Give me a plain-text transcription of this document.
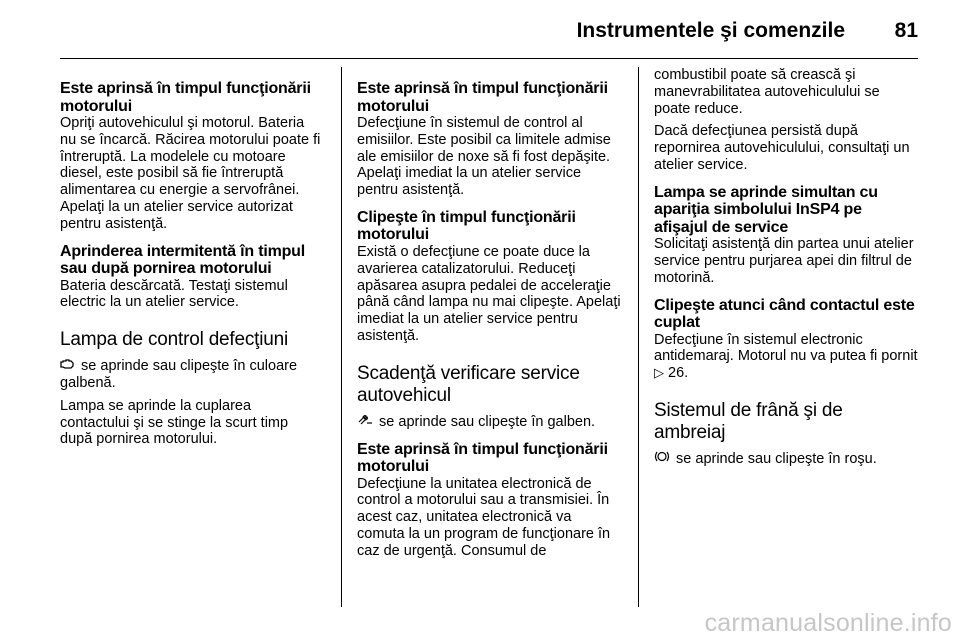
Instrumentele şi comenzile 81
Este aprinsă în timpul funcţionării motorului

Opriţi autovehiculul şi motorul. Bateria nu se încarcă. Răcirea motorului poate fi întreruptă. La modelele cu motoare diesel, este posibil să fie întreruptă alimentarea cu energie a servofrânei. Apelaţi la un atelier service autorizat pentru asistenţă.

Aprinderea intermitentă în timpul sau după pornirea motorului

Bateria descărcată. Testaţi sistemul electric la un atelier service.

Lampa de control defecţiuni

se aprinde sau clipeşte în culoare galbenă.

Lampa se aprinde la cuplarea contactului şi se stinge la scurt timp după pornirea motorului.

Este aprinsă în timpul funcţionării motorului

Defecţiune în sistemul de control al emisiilor. Este posibil ca limitele admise ale emisiilor de noxe să fi fost depăşite. Apelaţi imediat la un atelier service pentru asistenţă.

Clipeşte în timpul funcţionării motorului

Există o defecţiune ce poate duce la avarierea catalizatorului. Reduceţi apăsarea asupra pedalei de acceleraţie până când lampa nu mai clipeşte. Apelaţi imediat la un atelier service pentru asistenţă.

Scadenţă verificare service autovehicul

se aprinde sau clipeşte în galben.

Este aprinsă în timpul funcţionării motorului

Defecţiune la unitatea electronică de control a motorului sau a transmisiei. În acest caz, unitatea electronică va comuta la un program de funcţionare în caz de urgenţă. Consumul de

combustibil poate să crească şi manevrabilitatea autovehiculului se poate reduce.

Dacă defecţiunea persistă după repornirea autovehiculului, consultaţi un atelier service.

Lampa se aprinde simultan cu apariţia simbolului InSP4 pe afişajul de service

Solicitaţi asistenţă din partea unui atelier service pentru purjarea apei din filtrul de motorină.

Clipeşte atunci când contactul este cuplat

Defecţiune în sistemul electronic antidemaraj. Motorul nu va putea fi pornit ▷ 26.

Sistemul de frână şi de ambreiaj

se aprinde sau clipeşte în roşu.

carmanualsonline.info
